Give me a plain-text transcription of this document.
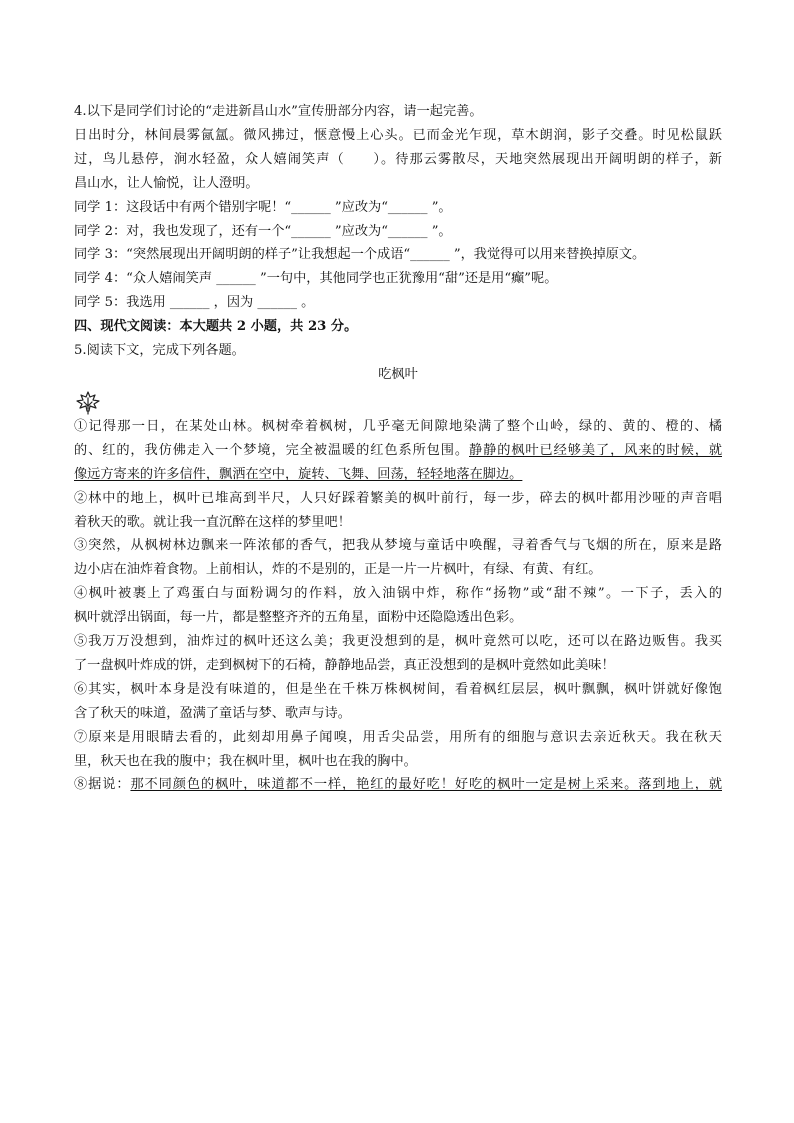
4.以下是同学们讨论的“走进新昌山水”宣传册部分内容，请一起完善。

日出时分，林间晨雾氤氲。微风拂过，惬意慢上心头。已而金光乍现，草木朗润，影子交叠。时见松鼠跃

过，鸟儿悬停，涧水轻盈，众人嬉闹笑声（　　）。待那云雾散尽，天地突然展现出开阔明朗的样子，新

昌山水，让人愉悦，让人澄明。

同学 1：这段话中有两个错别字呢！“______ ”应改为“______ ”。

同学 2：对，我也发现了，还有一个“______ ”应改为“______ ”。

同学 3：“突然展现出开阔明朗的样子”让我想起一个成语“______ ”，我觉得可以用来替换掉原文。

同学 4：“众人嬉闹笑声 ______ ”一句中，其他同学也正犹豫用“甜”还是用“癫”呢。

同学 5：我选用 ______ ，因为 ______ 。

四、现代文阅读：本大题共 2 小题，共 23 分。

5.阅读下文，完成下列各题。

吃枫叶

①记得那一日，在某处山林。枫树牵着枫树，几乎毫无间隙地染满了整个山岭，绿的、黄的、橙的、橘

的、红的，我仿佛走入一个梦境，完全被温暖的红色系所包围。静静的枫叶已经够美了，风来的时候，就

像远方寄来的许多信件，飘洒在空中，旋转、飞舞、回荡，轻轻地落在脚边。

②林中的地上，枫叶已堆高到半尺，人只好踩着繁美的枫叶前行，每一步，碎去的枫叶都用沙哑的声音唱

着秋天的歌。就让我一直沉醉在这样的梦里吧！

③突然，从枫树林边飘来一阵浓郁的香气，把我从梦境与童话中唤醒，寻着香气与飞烟的所在，原来是路

边小店在油炸着食物。上前相认，炸的不是别的，正是一片一片枫叶，有绿、有黄、有红。

④枫叶被裹上了鸡蛋白与面粉调匀的作料，放入油锅中炸，称作“扬物”或“甜不辣”。一下子，丢入的

枫叶就浮出锅面，每一片，都是整整齐齐的五角星，面粉中还隐隐透出色彩。

⑤我万万没想到，油炸过的枫叶还这么美；我更没想到的是，枫叶竟然可以吃，还可以在路边贩售。我买

了一盘枫叶炸成的饼，走到枫树下的石椅，静静地品尝，真正没想到的是枫叶竟然如此美味！

⑥其实，枫叶本身是没有味道的，但是坐在千株万株枫树间，看着枫红层层，枫叶飘飘，枫叶饼就好像饱

含了秋天的味道，盈满了童话与梦、歌声与诗。

⑦原来是用眼睛去看的，此刻却用鼻子闻嗅，用舌尖品尝，用所有的细胞与意识去亲近秋天。我在秋天

里，秋天也在我的腹中；我在枫叶里，枫叶也在我的胸中。

⑧据说：那不同颜色的枫叶，味道都不一样，艳红的最好吃！好吃的枫叶一定是树上采来。落到地上，就
